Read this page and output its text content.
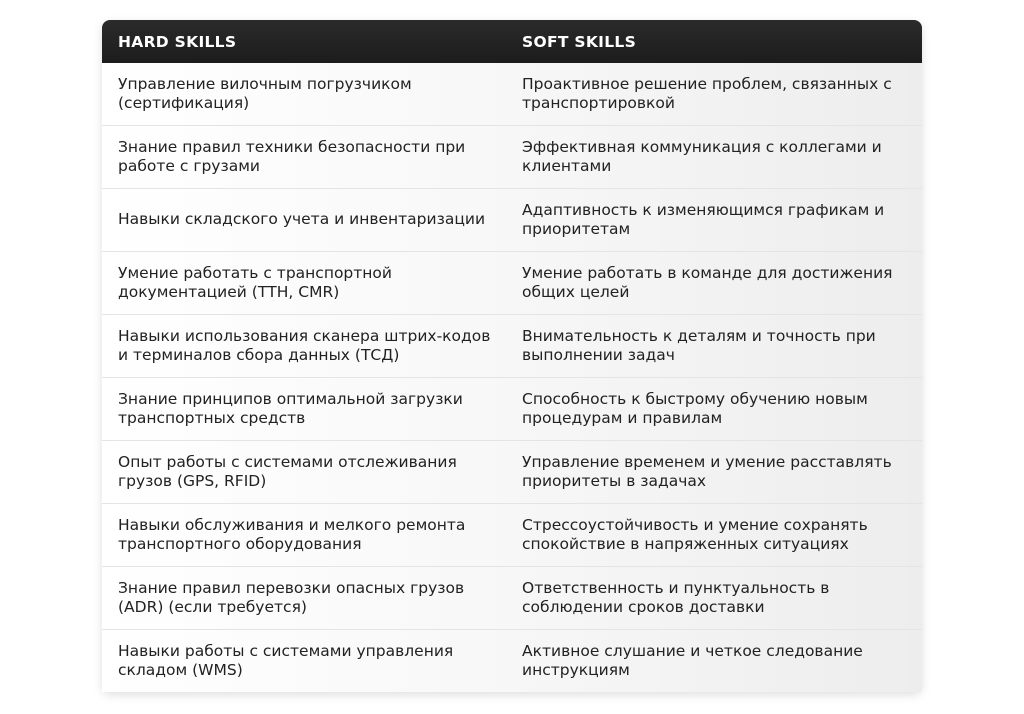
HARD SKILLS	SOFT SKILLS
Управление вилочным погрузчиком (сертификация)
Проактивное решение проблем, связанных с транспортировкой
Знание правил техники безопасности при работе с грузами
Эффективная коммуникация с коллегами и клиентами
Навыки складского учета и инвентаризации
Адаптивность к изменяющимся графикам и приоритетам
Умение работать с транспортной документацией (ТТН, CMR)
Умение работать в команде для достижения общих целей
Навыки использования сканера штрих-кодов и терминалов сбора данных (ТСД)
Внимательность к деталям и точность при выполнении задач
Знание принципов оптимальной загрузки транспортных средств
Способность к быстрому обучению новым процедурам и правилам
Опыт работы с системами отслеживания грузов (GPS, RFID)
Управление временем и умение расставлять приоритеты в задачах
Навыки обслуживания и мелкого ремонта транспортного оборудования
Стрессоустойчивость и умение сохранять спокойствие в напряженных ситуациях
Знание правил перевозки опасных грузов (ADR) (если требуется)
Ответственность и пунктуальность в соблюдении сроков доставки
Навыки работы с системами управления складом (WMS)
Активное слушание и четкое следование инструкциям
